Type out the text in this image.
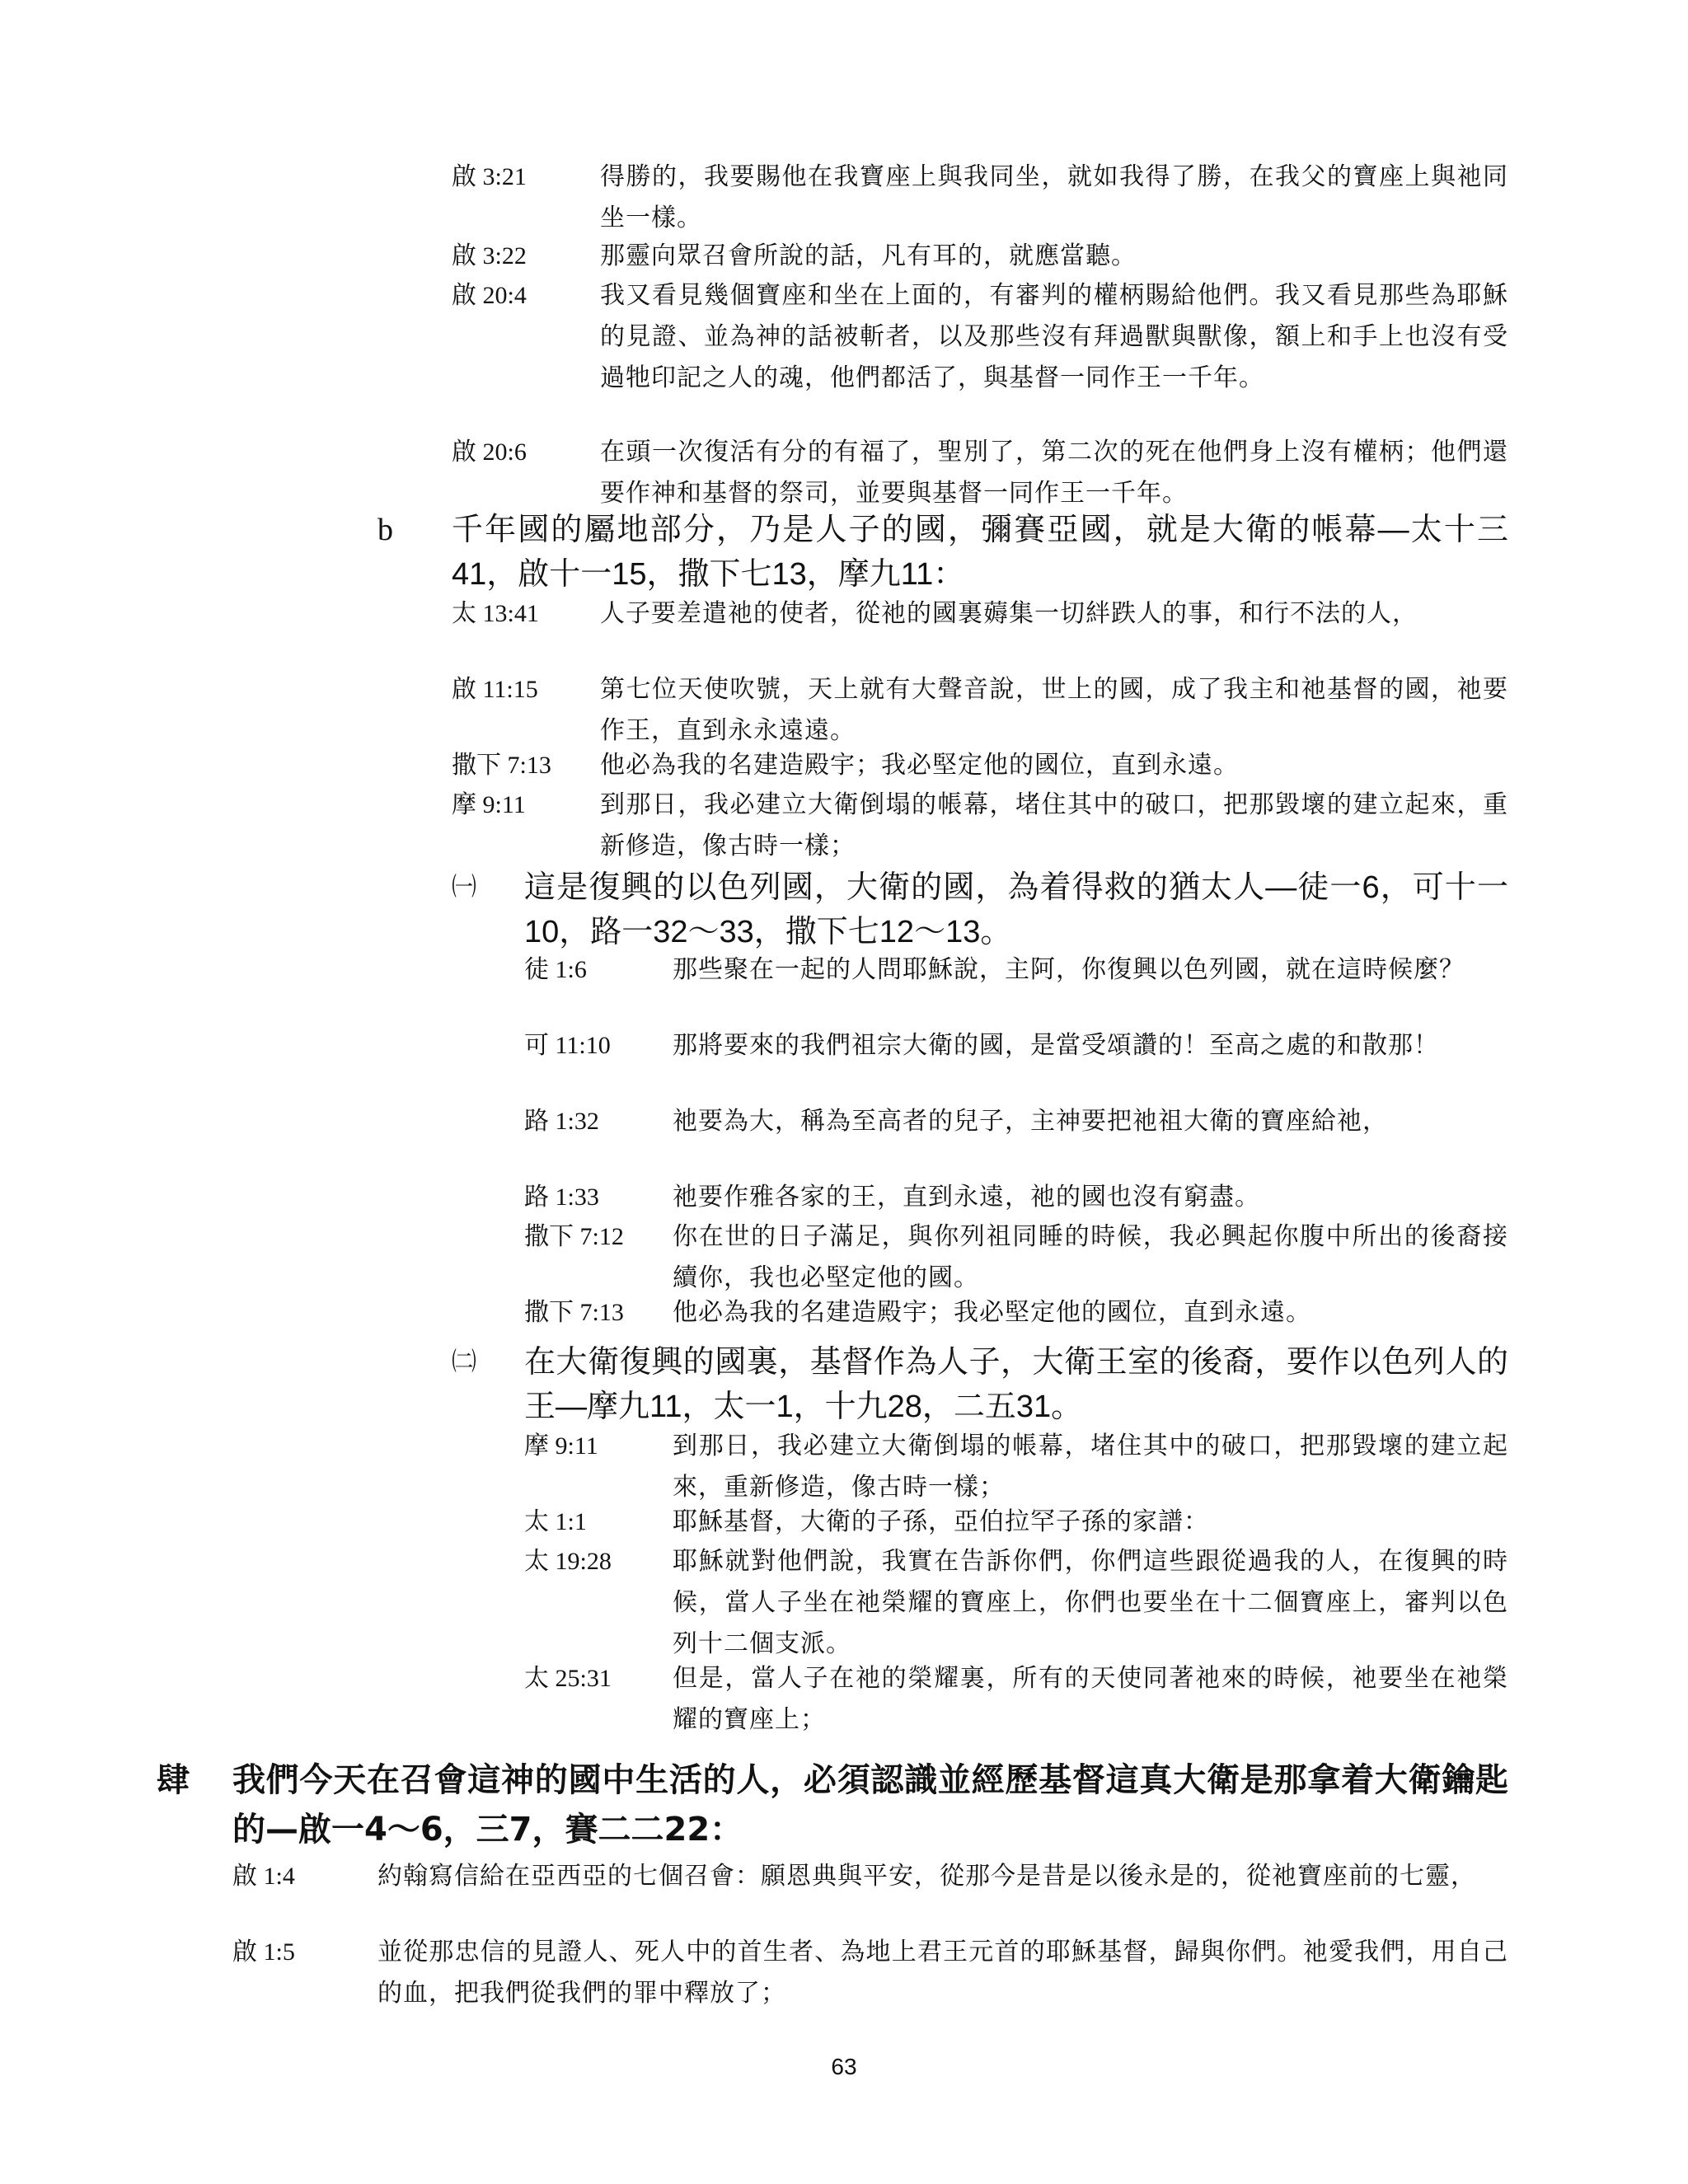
啟 3:21	得勝的，我要賜他在我寶座上與我同坐，就如我得了勝，在我父的寶座上與祂同坐一樣。
啟 3:22	那靈向眾召會所說的話，凡有耳的，就應當聽。
啟 20:4	我又看見幾個寶座和坐在上面的，有審判的權柄賜給他們。我又看見那些為耶穌的見證、並為神的話被斬者，以及那些沒有拜過獸與獸像，額上和手上也沒有受過牠印記之人的魂，他們都活了，與基督一同作王一千年。
啟 20:6	在頭一次復活有分的有福了，聖別了，第二次的死在他們身上沒有權柄；他們還要作神和基督的祭司，並要與基督一同作王一千年。
b	千年國的屬地部分，乃是人子的國，彌賽亞國，就是大衛的帳幕—太十三41，啟十一15，撒下七13，摩九11：
太 13:41	人子要差遣祂的使者，從祂的國裏薅集一切絆跌人的事，和行不法的人，
啟 11:15	第七位天使吹號，天上就有大聲音說，世上的國，成了我主和祂基督的國，祂要作王，直到永永遠遠。
撒下 7:13	他必為我的名建造殿宇；我必堅定他的國位，直到永遠。
摩 9:11	到那日，我必建立大衛倒塌的帳幕，堵住其中的破口，把那毀壞的建立起來，重新修造，像古時一樣；
㈠	這是復興的以色列國，大衛的國，為着得救的猶太人—徒一6，可十一10，路一32～33，撒下七12～13。
徒 1:6	那些聚在一起的人問耶穌說，主阿，你復興以色列國，就在這時候麼？
可 11:10	那將要來的我們祖宗大衛的國，是當受頌讚的！至高之處的和散那！
路 1:32	祂要為大，稱為至高者的兒子，主神要把祂祖大衛的寶座給祂，
路 1:33	祂要作雅各家的王，直到永遠，祂的國也沒有窮盡。
撒下 7:12	你在世的日子滿足，與你列祖同睡的時候，我必興起你腹中所出的後裔接續你，我也必堅定他的國。
撒下 7:13	他必為我的名建造殿宇；我必堅定他的國位，直到永遠。
㈡	在大衛復興的國裏，基督作為人子，大衛王室的後裔，要作以色列人的王—摩九11，太一1，十九28，二五31。
摩 9:11	到那日，我必建立大衛倒塌的帳幕，堵住其中的破口，把那毀壞的建立起來，重新修造，像古時一樣；
太 1:1	耶穌基督，大衛的子孫，亞伯拉罕子孫的家譜：
太 19:28	耶穌就對他們說，我實在告訴你們，你們這些跟從過我的人，在復興的時候，當人子坐在祂榮耀的寶座上，你們也要坐在十二個寶座上，審判以色列十二個支派。
太 25:31	但是，當人子在祂的榮耀裏，所有的天使同著祂來的時候，祂要坐在祂榮耀的寶座上；
肆	我們今天在召會這神的國中生活的人，必須認識並經歷基督這真大衛是那拿着大衛鑰匙的—啟一4～6，三7，賽二二22：
啟 1:4	約翰寫信給在亞西亞的七個召會：願恩典與平安，從那今是昔是以後永是的，從祂寶座前的七靈，
啟 1:5	並從那忠信的見證人、死人中的首生者、為地上君王元首的耶穌基督，歸與你們。祂愛我們，用自己的血，把我們從我們的罪中釋放了；
63
